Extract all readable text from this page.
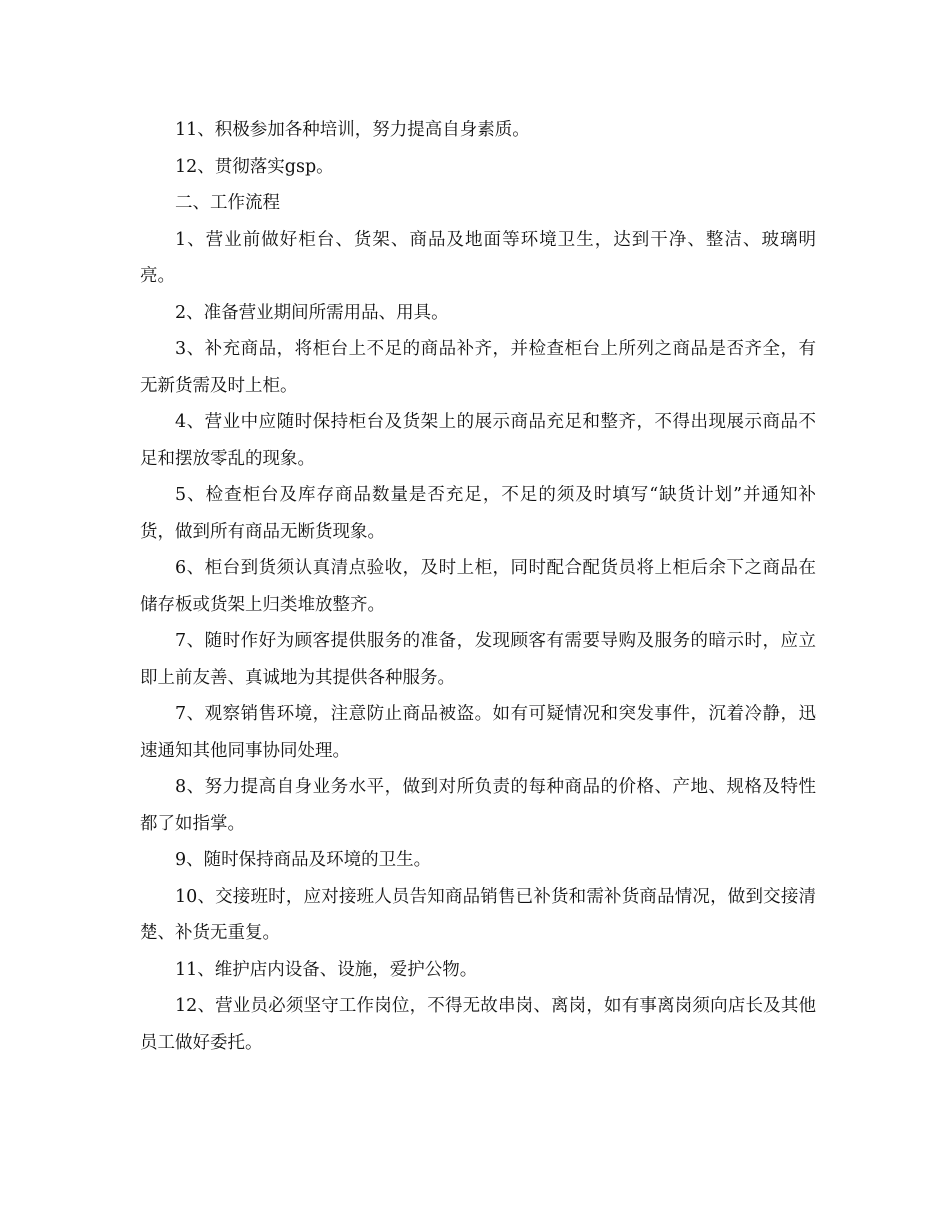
11、积极参加各种培训，努力提高自身素质。

12、贯彻落实gsp。

二、工作流程

1、营业前做好柜台、货架、商品及地面等环境卫生，达到干净、整洁、玻璃明亮。

2、准备营业期间所需用品、用具。

3、补充商品，将柜台上不足的商品补齐，并检查柜台上所列之商品是否齐全，有无新货需及时上柜。

4、营业中应随时保持柜台及货架上的展示商品充足和整齐，不得出现展示商品不足和摆放零乱的现象。

5、检查柜台及库存商品数量是否充足，不足的须及时填写“缺货计划”并通知补货，做到所有商品无断货现象。

6、柜台到货须认真清点验收，及时上柜，同时配合配货员将上柜后余下之商品在储存板或货架上归类堆放整齐。

7、随时作好为顾客提供服务的准备，发现顾客有需要导购及服务的暗示时，应立即上前友善、真诚地为其提供各种服务。

7、观察销售环境，注意防止商品被盗。如有可疑情况和突发事件，沉着冷静，迅速通知其他同事协同处理。

8、努力提高自身业务水平，做到对所负责的每种商品的价格、产地、规格及特性都了如指掌。

9、随时保持商品及环境的卫生。

10、交接班时，应对接班人员告知商品销售已补货和需补货商品情况，做到交接清楚、补货无重复。

11、维护店内设备、设施，爱护公物。

12、营业员必须坚守工作岗位，不得无故串岗、离岗，如有事离岗须向店长及其他员工做好委托。
